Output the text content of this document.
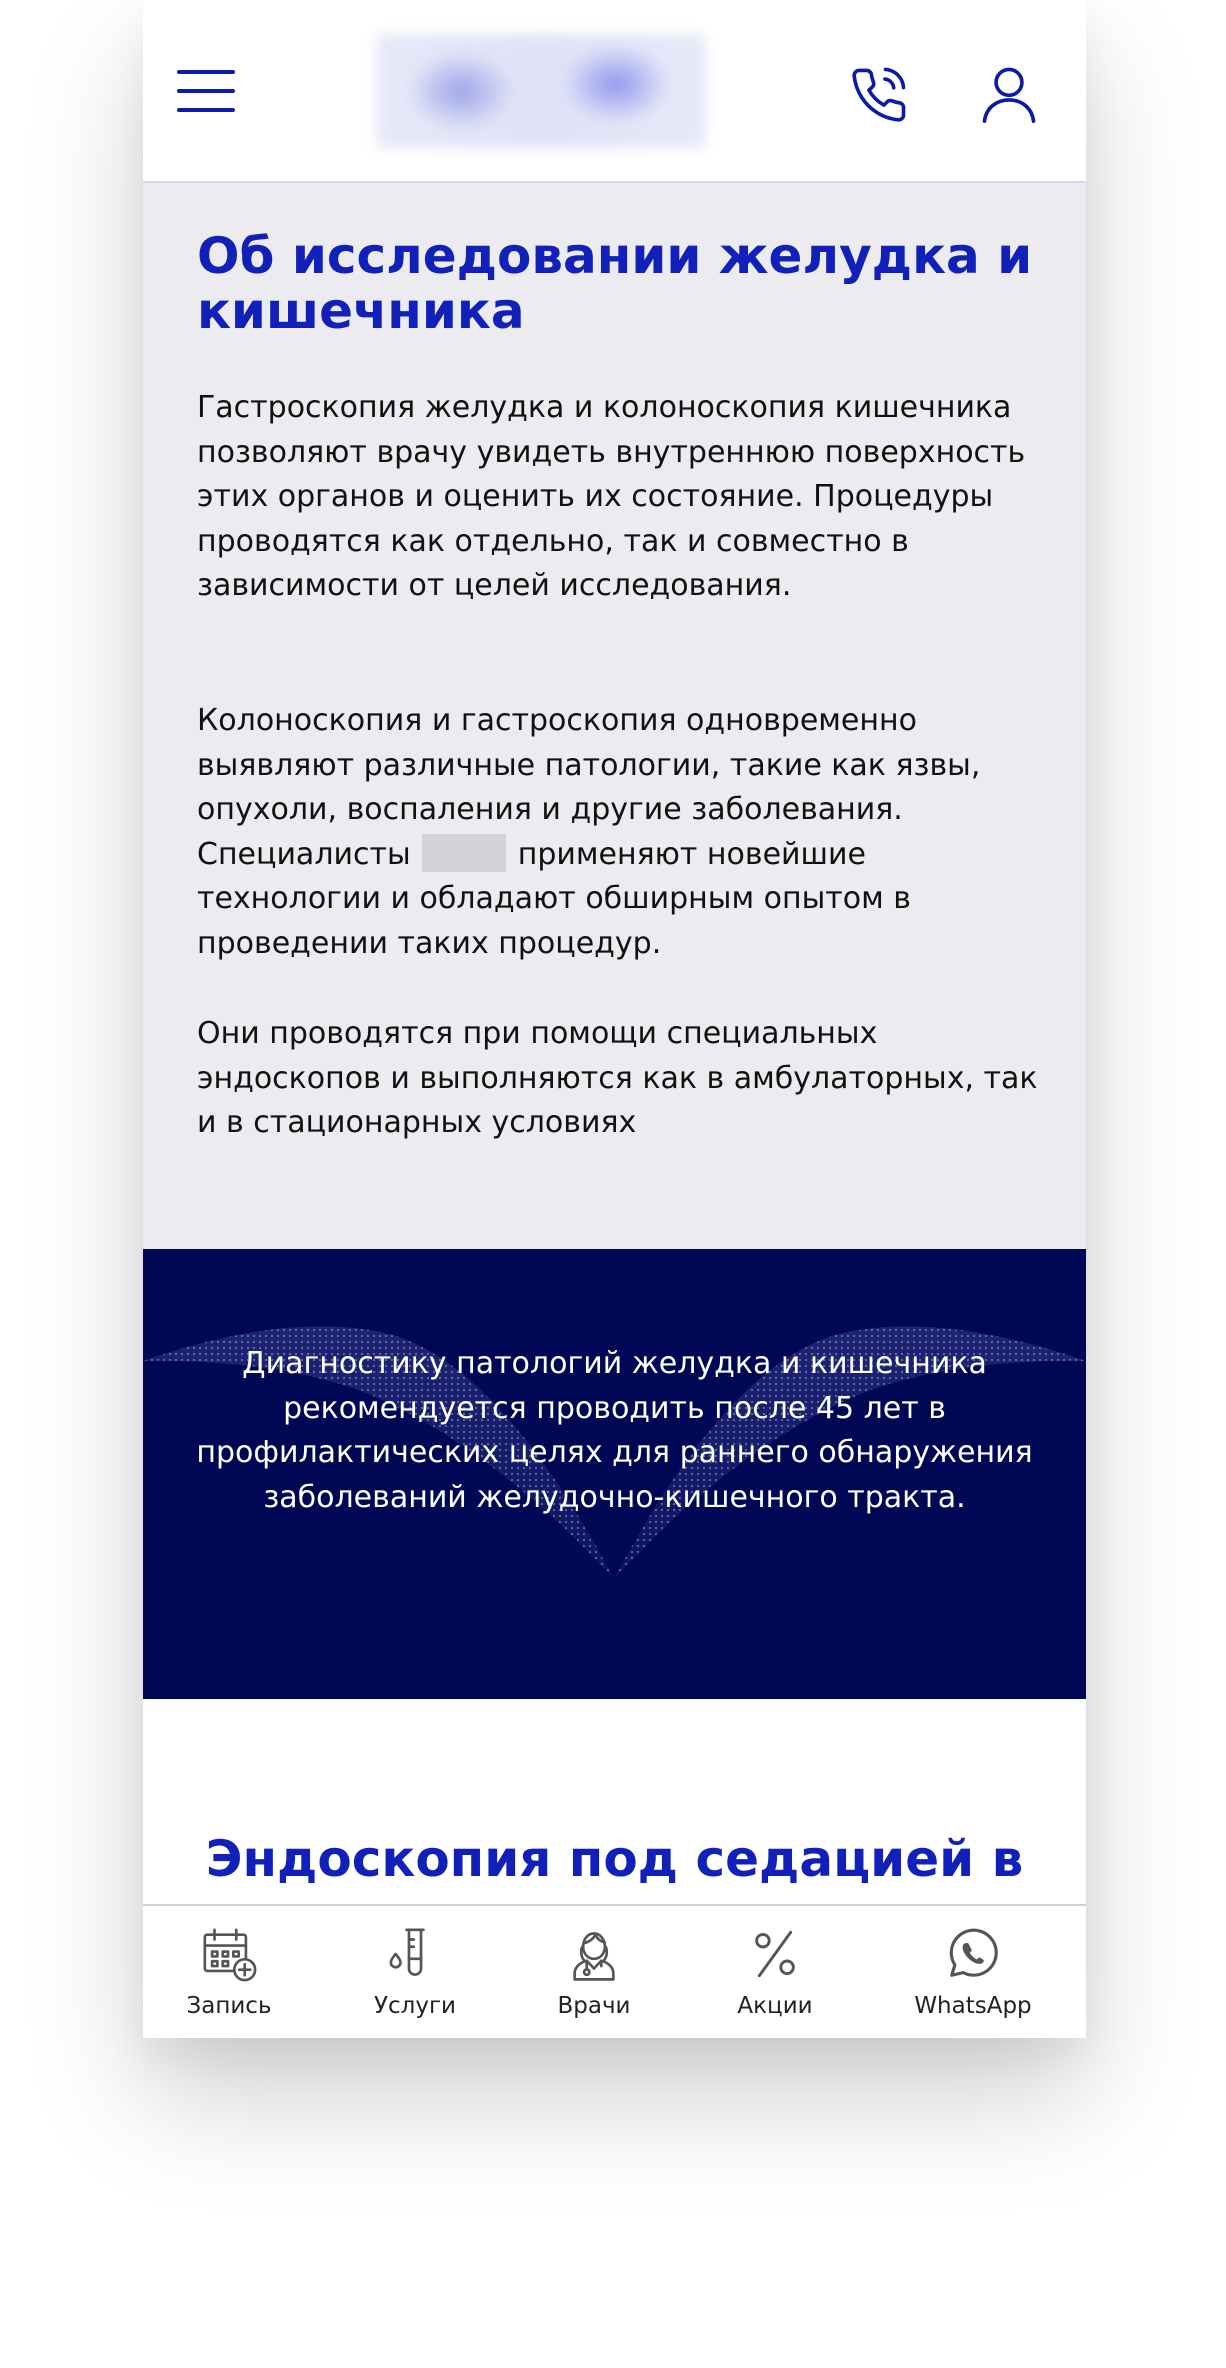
Об исследовании желудка и кишечника

Гастроскопия желудка и колоноскопия кишечника позволяют врачу увидеть внутреннюю поверхность этих органов и оценить их состояние. Процедуры проводятся как отдельно, так и совместно в зависимости от целей исследования.

Колоноскопия и гастроскопия одновременно выявляют различные патологии, такие как язвы, опухоли, воспаления и другие заболевания. Специалисты	применяют новейшие технологии и обладают обширным опытом в проведении таких процедур.

Они проводятся при помощи специальных эндоскопов и выполняются как в амбулаторных, так и в стационарных условиях

Диагностику патологий желудка и кишечника рекомендуется проводить после 45 лет в профилактических целях для раннего обнаружения заболеваний желудочно-кишечного тракта.

Эндоскопия под седацией в
Запись	Услуги	Врачи	Акции	WhatsApp
